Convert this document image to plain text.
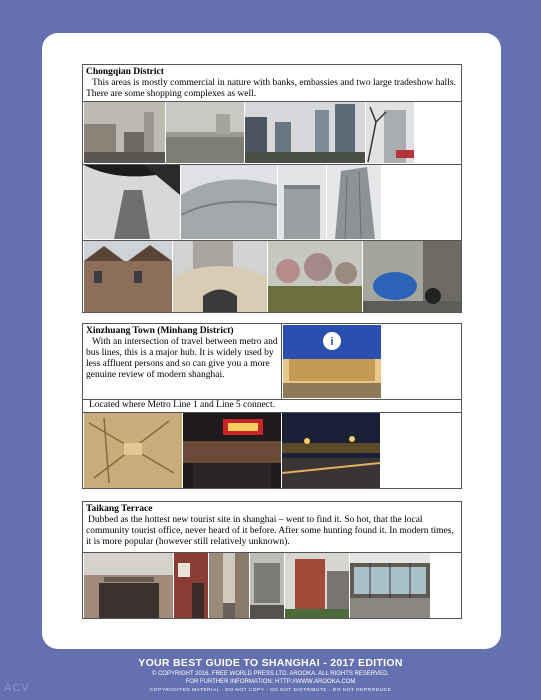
Chongqian District
This areas is mostly commercial in nature with banks, embassies and two large tradeshow halls. There are some shopping complexes as well.
Xinzhuang Town (Minhang District)
With an intersection of travel between metro and bus lines, this is a major hub. It is widely used by less affluent persons and so can give you a more genuine review of modern shanghai.
i
Located where Metro Line 1 and Line 5 connect.
Taikang Terrace
Dubbed as the hottest new tourist site in shanghai – went to find it. So hot, that the local community tourist office, never heard of it before. After some hunting found it. In modern times, it is more popular (however still relatively unknown).
YOUR BEST GUIDE TO SHANGHAI - 2017 EDITION
© COPYRIGHT 2016. FREE WORLD PRESS LTD. AROOKA. ALL RIGHTS RESERVED.
FOR FURTHER INFORMATION: HTTP://WWW.AROOKA.COM
COPYRIGHTED MATERIAL - DO NOT COPY - DO NOT DISTRIBUTE - DO NOT REPRODUCE
ACV
